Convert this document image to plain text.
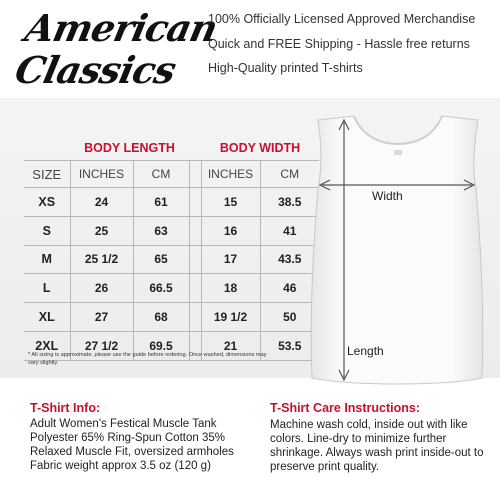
American
Classics
100% Officially Licensed Approved Merchandise
Quick and FREE Shipping - Hassle free returns
High-Quality printed T-shirts
	BODY LENGTH			BODY WIDTH	
SIZE	INCHES	CM		INCHES	CM
XS	24	61		15	38.5
S	25	63		16	41
M	25 1/2	65		17	43.5
L	26	66.5		18	46
XL	27	68		19 1/2	50
2XL	27 1/2	69.5		21	53.5
* All sizing is approximate, please use the guide before ordering. Once washed, dimensions may vary slightly.
Width
Length
T-Shirt Info:
Adult Women's Festical Muscle Tank
Polyester 65% Ring-Spun Cotton 35%
Relaxed Muscle Fit, oversized armholes
Fabric weight approx 3.5 oz (120 g)
T-Shirt Care Instructions:
Machine wash cold, inside out with like colors. Line-dry to minimize further shrinkage. Always wash print inside-out to preserve print quality.
